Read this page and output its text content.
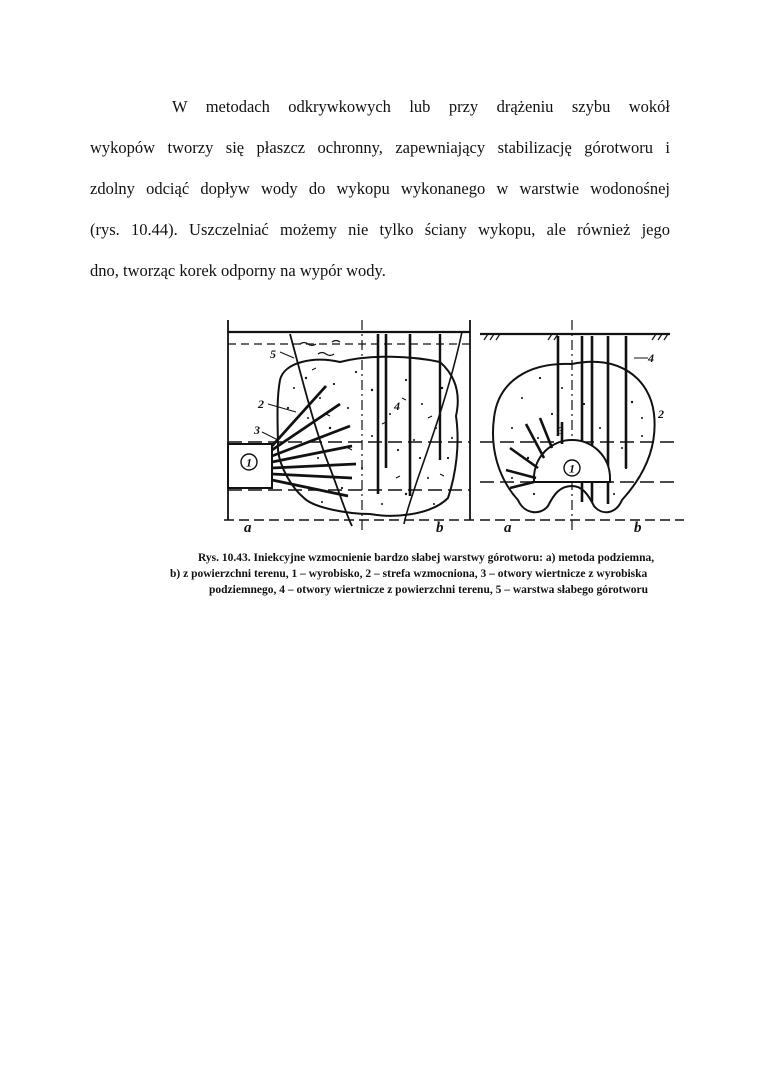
W metodach odkrywkowych lub przy drążeniu szybu wokół
wykopów tworzy się płaszcz ochronny, zapewniający stabilizację górotworu i
zdolny odciąć dopływ wody do wykopu wykonanego w warstwie wodonośnej
(rys. 10.44). Uszczelniać możemy nie tylko ściany wykopu, ale również jego
dno, tworząc korek odporny na wypór wody.
1
2
3
4
5
a	b
1
4
2
3
a	b
Rys. 10.43. Iniekcyjne wzmocnienie bardzo słabej warstwy górotworu: a) metoda podziemna,
b) z powierzchni terenu, 1 – wyrobisko, 2 – strefa wzmocniona, 3 – otwory wiertnicze z wyrobiska
podziemnego, 4 – otwory wiertnicze z powierzchni terenu, 5 – warstwa słabego górotworu
